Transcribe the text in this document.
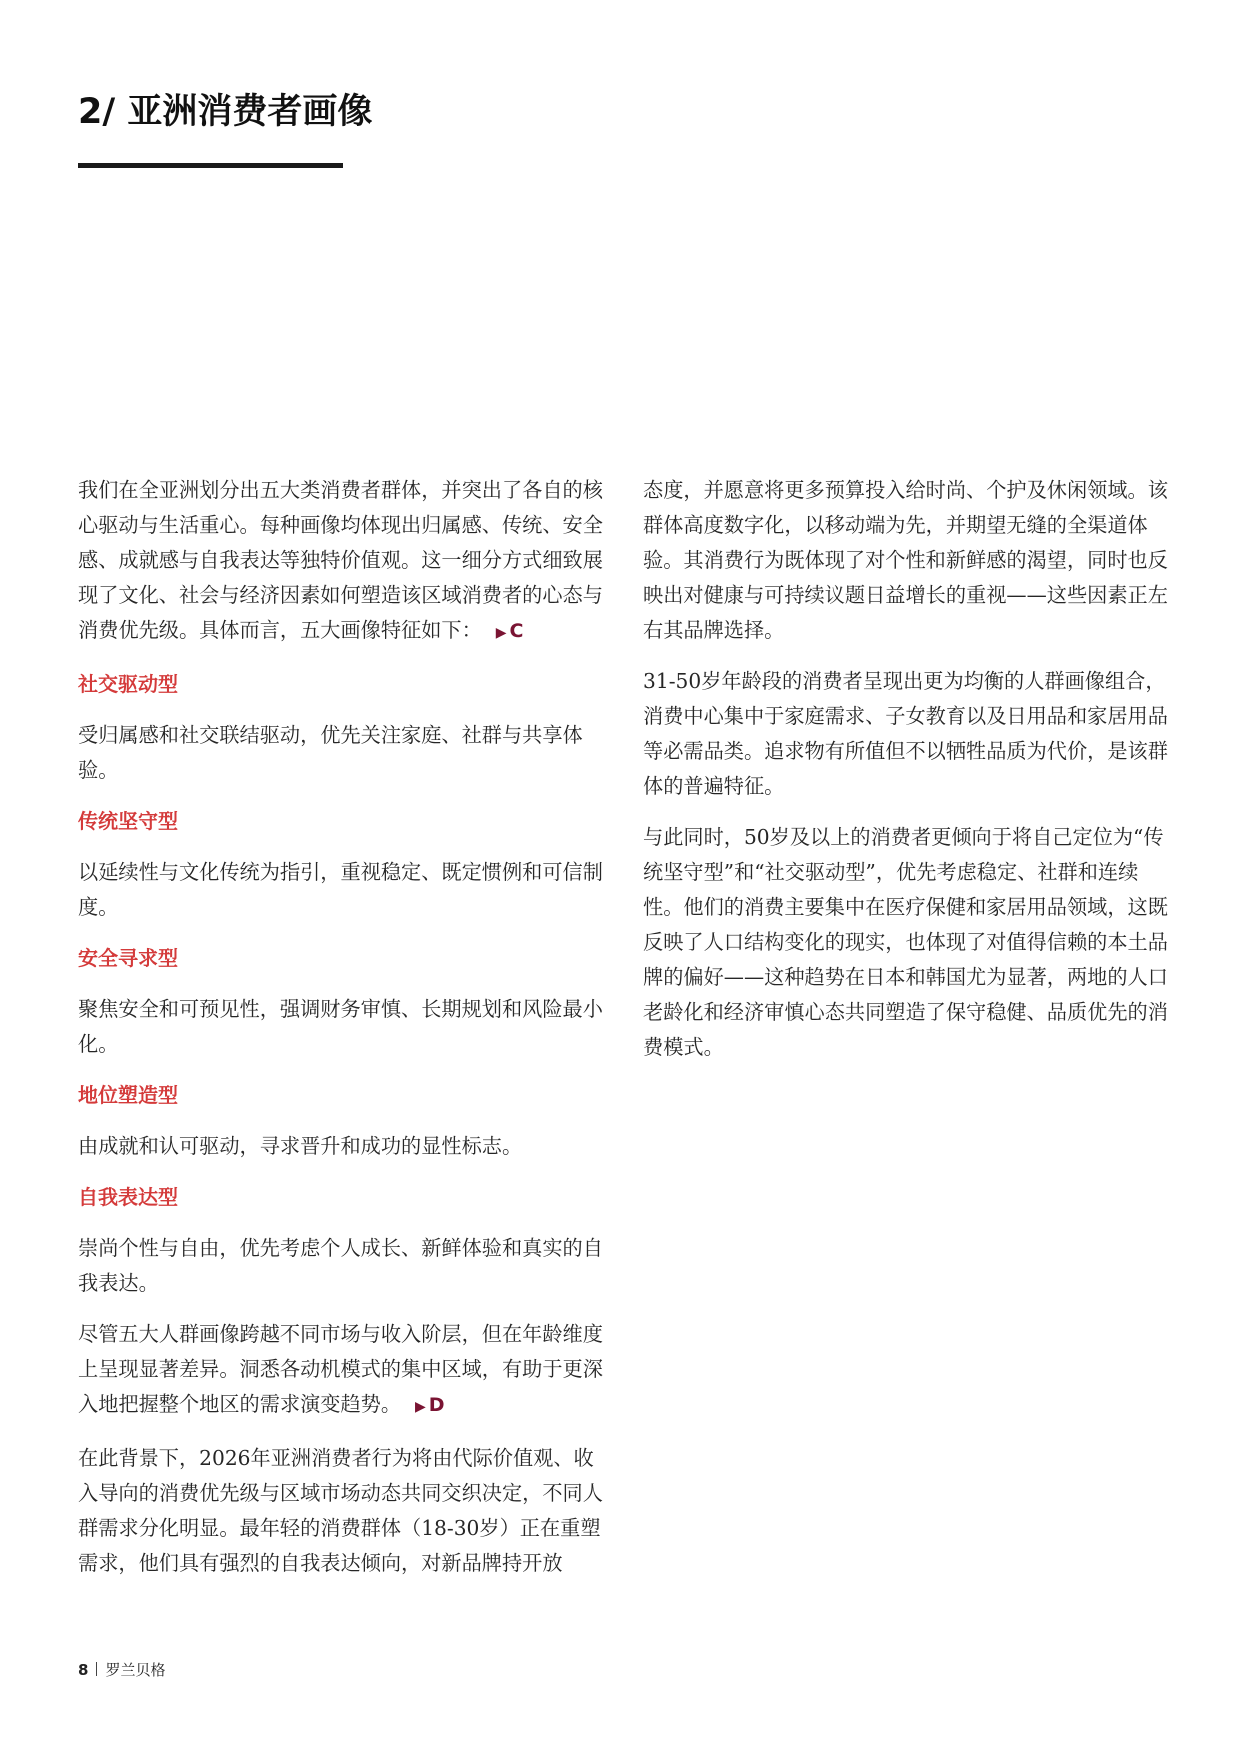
2/ 亚洲消费者画像

我们在全亚洲划分出五大类消费者群体，并突出了各自的核心驱动与生活重心。每种画像均体现出归属感、传统、安全感、成就感与自我表达等独特价值观。这一细分方式细致展现了文化、社会与经济因素如何塑造该区域消费者的心态与消费优先级。具体而言，五大画像特征如下： ▶ C

社交驱动型

受归属感和社交联结驱动，优先关注家庭、社群与共享体验。

传统坚守型

以延续性与文化传统为指引，重视稳定、既定惯例和可信制度。

安全寻求型

聚焦安全和可预见性，强调财务审慎、长期规划和风险最小化。

地位塑造型

由成就和认可驱动，寻求晋升和成功的显性标志。

自我表达型

崇尚个性与自由，优先考虑个人成长、新鲜体验和真实的自我表达。

尽管五大人群画像跨越不同市场与收入阶层，但在年龄维度上呈现显著差异。洞悉各动机模式的集中区域，有助于更深入地把握整个地区的需求演变趋势。 ▶ D

在此背景下，2026年亚洲消费者行为将由代际价值观、收入导向的消费优先级与区域市场动态共同交织决定，不同人群需求分化明显。最年轻的消费群体（18-30岁）正在重塑需求，他们具有强烈的自我表达倾向，对新品牌持开放

态度，并愿意将更多预算投入给时尚、个护及休闲领域。该群体高度数字化，以移动端为先，并期望无缝的全渠道体验。其消费行为既体现了对个性和新鲜感的渴望，同时也反映出对健康与可持续议题日益增长的重视——这些因素正左右其品牌选择。

31-50岁年龄段的消费者呈现出更为均衡的人群画像组合，消费中心集中于家庭需求、子女教育以及日用品和家居用品等必需品类。追求物有所值但不以牺牲品质为代价，是该群体的普遍特征。

与此同时，50岁及以上的消费者更倾向于将自己定位为“传统坚守型”和“社交驱动型”，优先考虑稳定、社群和连续性。他们的消费主要集中在医疗保健和家居用品领域，这既反映了人口结构变化的现实，也体现了对值得信赖的本土品牌的偏好——这种趋势在日本和韩国尤为显著，两地的人口老龄化和经济审慎心态共同塑造了保守稳健、品质优先的消费模式。

8 罗兰贝格
